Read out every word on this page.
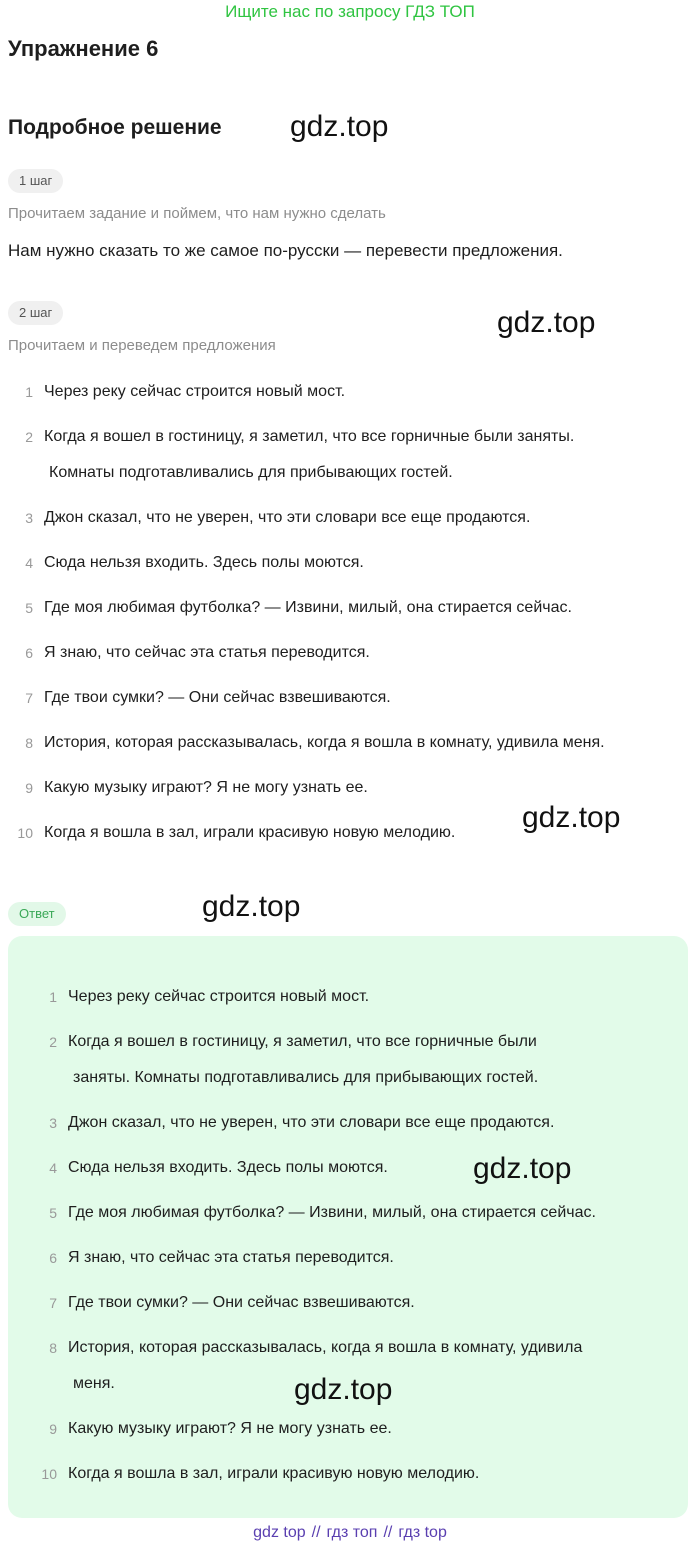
Ищите нас по запросу ГДЗ ТОП
Упражнение 6
Подробное решение gdz.top
gdz.top
gdz.top
gdz.top
1 шаг
Прочитаем задание и поймем, что нам нужно сделать
Нам нужно сказать то же самое по-русски — перевести предложения.
2 шаг
Прочитаем и переведем предложения
1 Через реку сейчас строится новый мост.
2 Когда я вошел в гостиницу, я заметил, что все горничные были заняты.
Комнаты подготавливались для прибывающих гостей.
3 Джон сказал, что не уверен, что эти словари все еще продаются.
4 Сюда нельзя входить. Здесь полы моются.
5 Где моя любимая футболка? — Извини, милый, она стирается сейчас.
6 Я знаю, что сейчас эта статья переводится.
7 Где твои сумки? — Они сейчас взвешиваются.
8 История, которая рассказывалась, когда я вошла в комнату, удивила меня.
9 Какую музыку играют? Я не могу узнать ее.
10 Когда я вошла в зал, играли красивую новую мелодию.
Ответ
1 Через реку сейчас строится новый мост.
2 Когда я вошел в гостиницу, я заметил, что все горничные были
заняты. Комнаты подготавливались для прибывающих гостей.
3 Джон сказал, что не уверен, что эти словари все еще продаются.
4 Сюда нельзя входить. Здесь полы моются.
5 Где моя любимая футболка? — Извини, милый, она стирается сейчас.
6 Я знаю, что сейчас эта статья переводится.
7 Где твои сумки? — Они сейчас взвешиваются.
8 История, которая рассказывалась, когда я вошла в комнату, удивила
меня.
9 Какую музыку играют? Я не могу узнать ее.
10 Когда я вошла в зал, играли красивую новую мелодию.
gdz.top
gdz.top
gdz top // гдз топ // гдз top
